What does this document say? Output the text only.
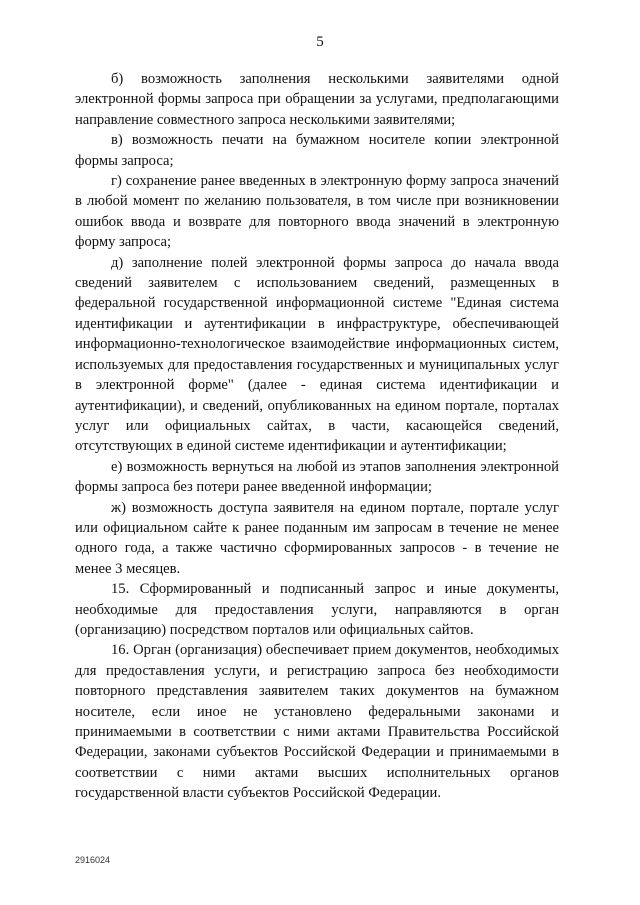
5

б) возможность заполнения несколькими заявителями одной электронной формы запроса при обращении за услугами, предполагающими направление совместного запроса несколькими заявителями;

в) возможность печати на бумажном носителе копии электронной формы запроса;

г) сохранение ранее введенных в электронную форму запроса значений в любой момент по желанию пользователя, в том числе при возникновении ошибок ввода и возврате для повторного ввода значений в электронную форму запроса;

д) заполнение полей электронной формы запроса до начала ввода сведений заявителем с использованием сведений, размещенных в федеральной государственной информационной системе "Единая система идентификации и аутентификации в инфраструктуре, обеспечивающей информационно-технологическое взаимодействие информационных систем, используемых для предоставления государственных и муниципальных услуг в электронной форме" (далее - единая система идентификации и аутентификации), и сведений, опубликованных на едином портале, порталах услуг или официальных сайтах, в части, касающейся сведений, отсутствующих в единой системе идентификации и аутентификации;

е) возможность вернуться на любой из этапов заполнения электронной формы запроса без потери ранее введенной информации;

ж) возможность доступа заявителя на едином портале, портале услуг или официальном сайте к ранее поданным им запросам в течение не менее одного года, а также частично сформированных запросов - в течение не менее 3 месяцев.

15. Сформированный и подписанный запрос и иные документы, необходимые для предоставления услуги, направляются в орган (организацию) посредством порталов или официальных сайтов.

16. Орган (организация) обеспечивает прием документов, необходимых для предоставления услуги, и регистрацию запроса без необходимости повторного представления заявителем таких документов на бумажном носителе, если иное не установлено федеральными законами и принимаемыми в соответствии с ними актами Правительства Российской Федерации, законами субъектов Российской Федерации и принимаемыми в соответствии с ними актами высших исполнительных органов государственной власти субъектов Российской Федерации.

2916024
